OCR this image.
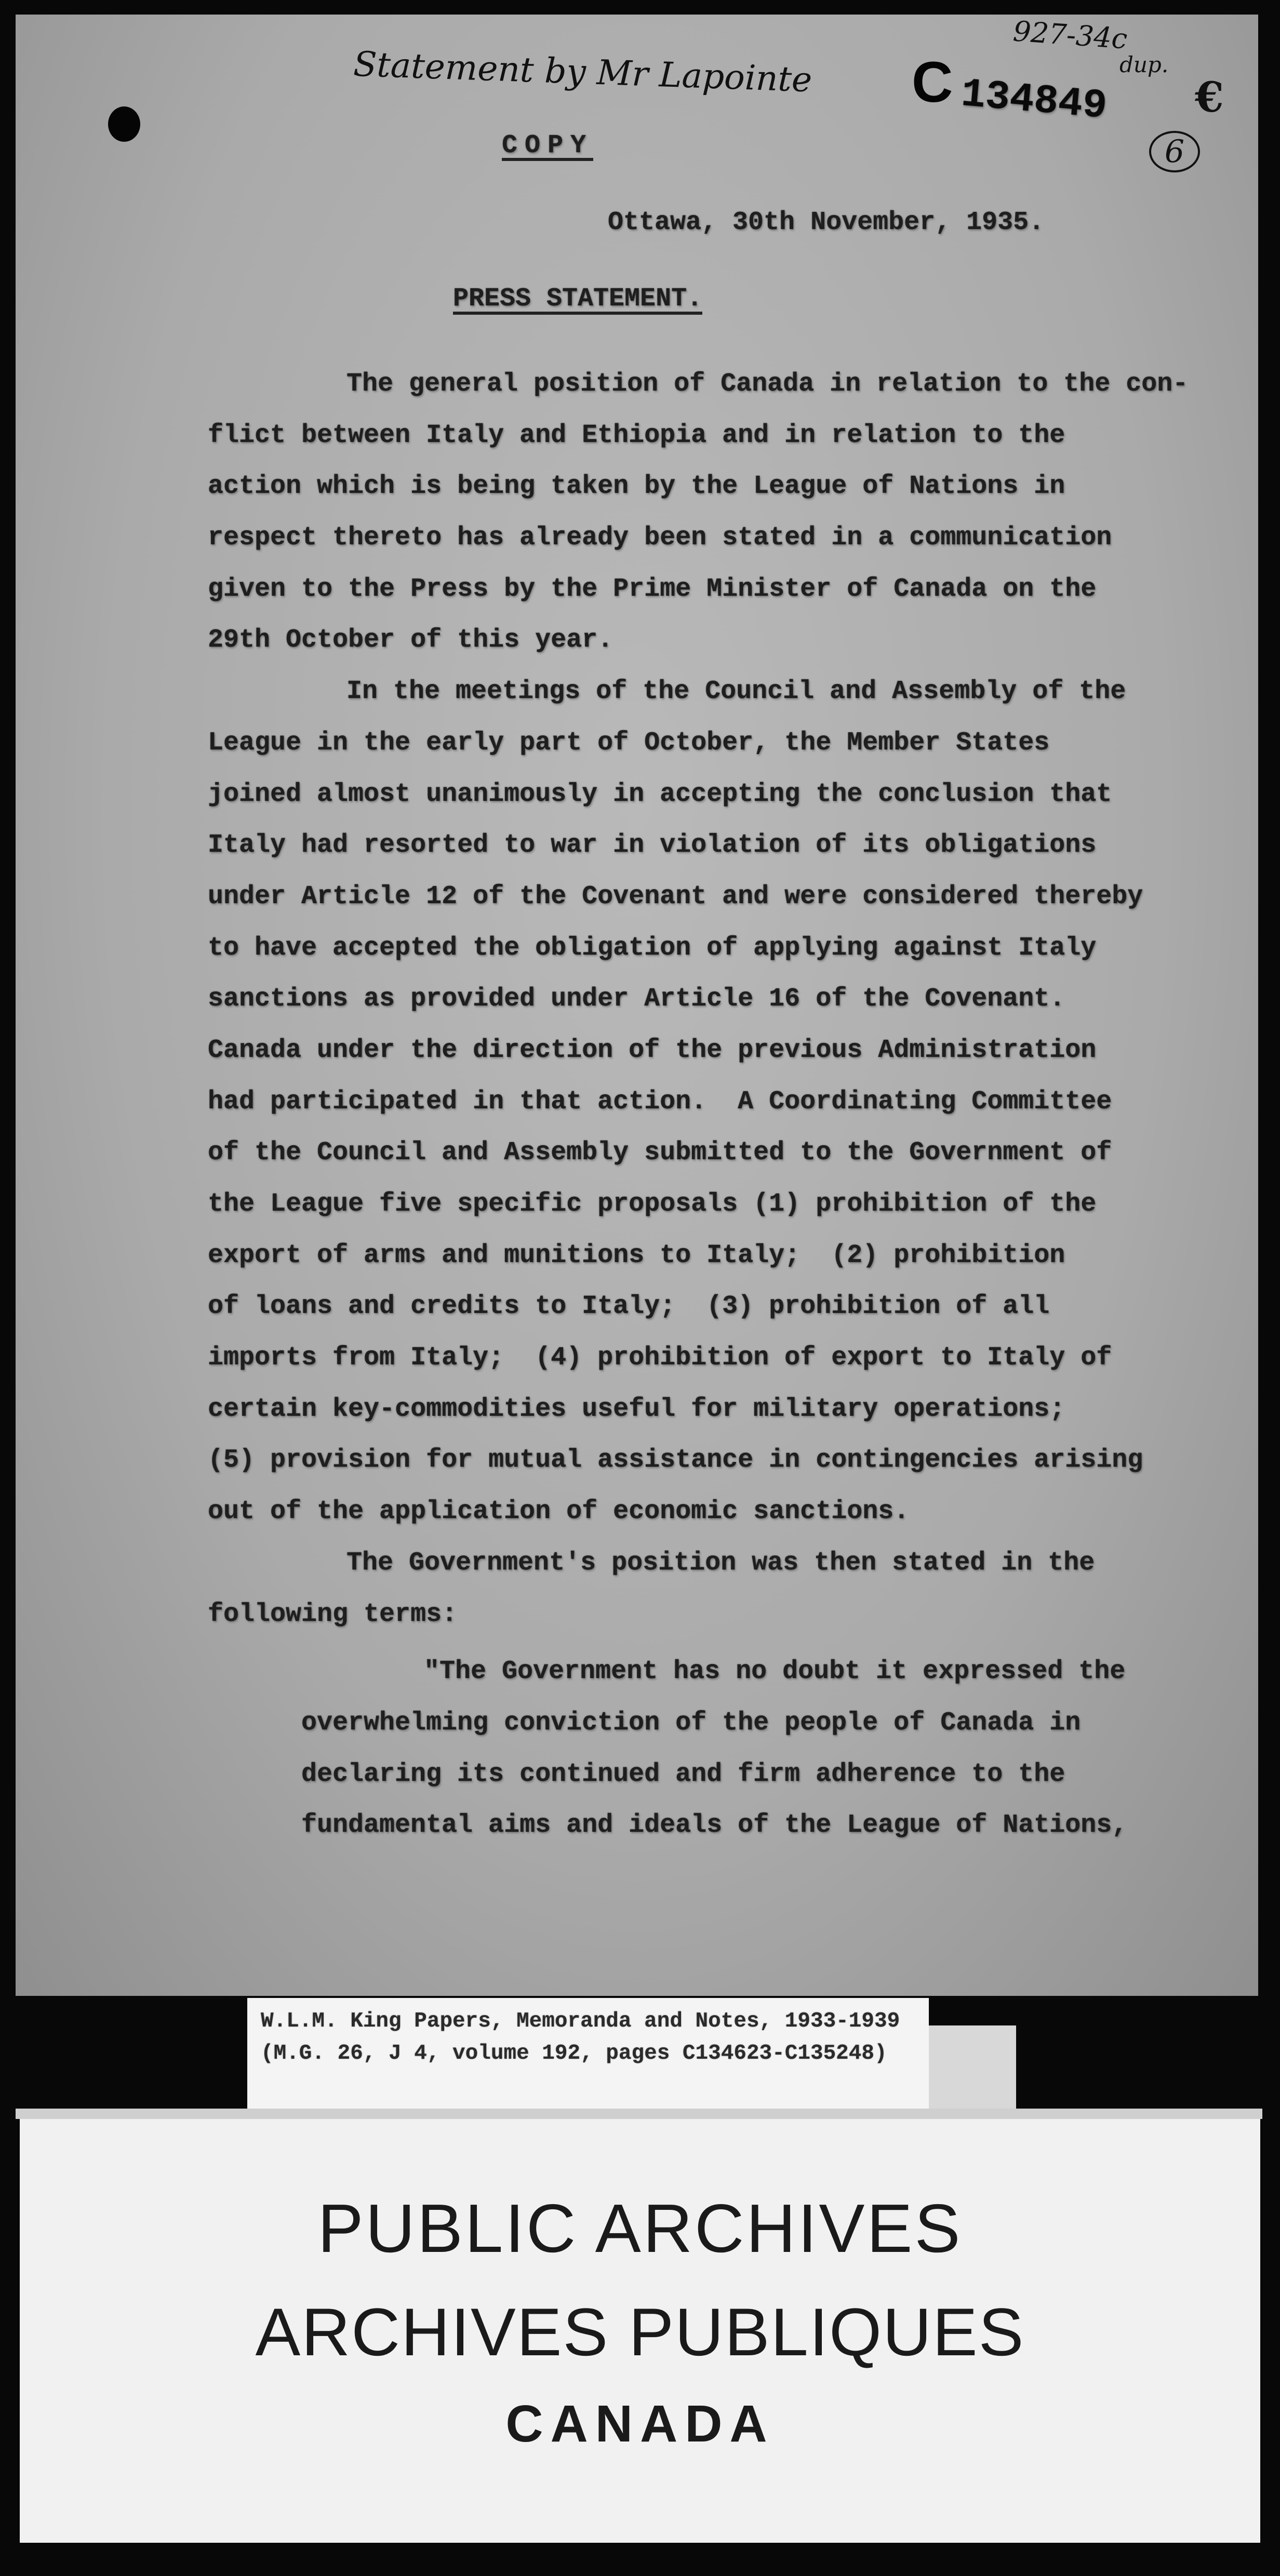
Statement by Mr Lapointe
927-34c
dup.
C 134849 €
6
COPY
Ottawa, 30th November, 1935.
PRESS STATEMENT.
The general position of Canada in relation to the con-
flict between Italy and Ethiopia and in relation to the
action which is being taken by the League of Nations in
respect thereto has already been stated in a communication
given to the Press by the Prime Minister of Canada on the
29th October of this year.
In the meetings of the Council and Assembly of the
League in the early part of October, the Member States
joined almost unanimously in accepting the conclusion that
Italy had resorted to war in violation of its obligations
under Article 12 of the Covenant and were considered thereby
to have accepted the obligation of applying against Italy
sanctions as provided under Article 16 of the Covenant.
Canada under the direction of the previous Administration
had participated in that action.  A Coordinating Committee
of the Council and Assembly submitted to the Government of
the League five specific proposals (1) prohibition of the
export of arms and munitions to Italy;  (2) prohibition
of loans and credits to Italy;  (3) prohibition of all
imports from Italy;  (4) prohibition of export to Italy of
certain key-commodities useful for military operations;
(5) provision for mutual assistance in contingencies arising
out of the application of economic sanctions.
The Government's position was then stated in the
following terms:
"The Government has no doubt it expressed the
overwhelming conviction of the people of Canada in
declaring its continued and firm adherence to the
fundamental aims and ideals of the League of Nations,
W.L.M. King Papers, Memoranda and Notes, 1933-1939
(M.G. 26, J 4, volume 192, pages C134623-C135248)
PUBLIC ARCHIVES
ARCHIVES PUBLIQUES
CANADA
